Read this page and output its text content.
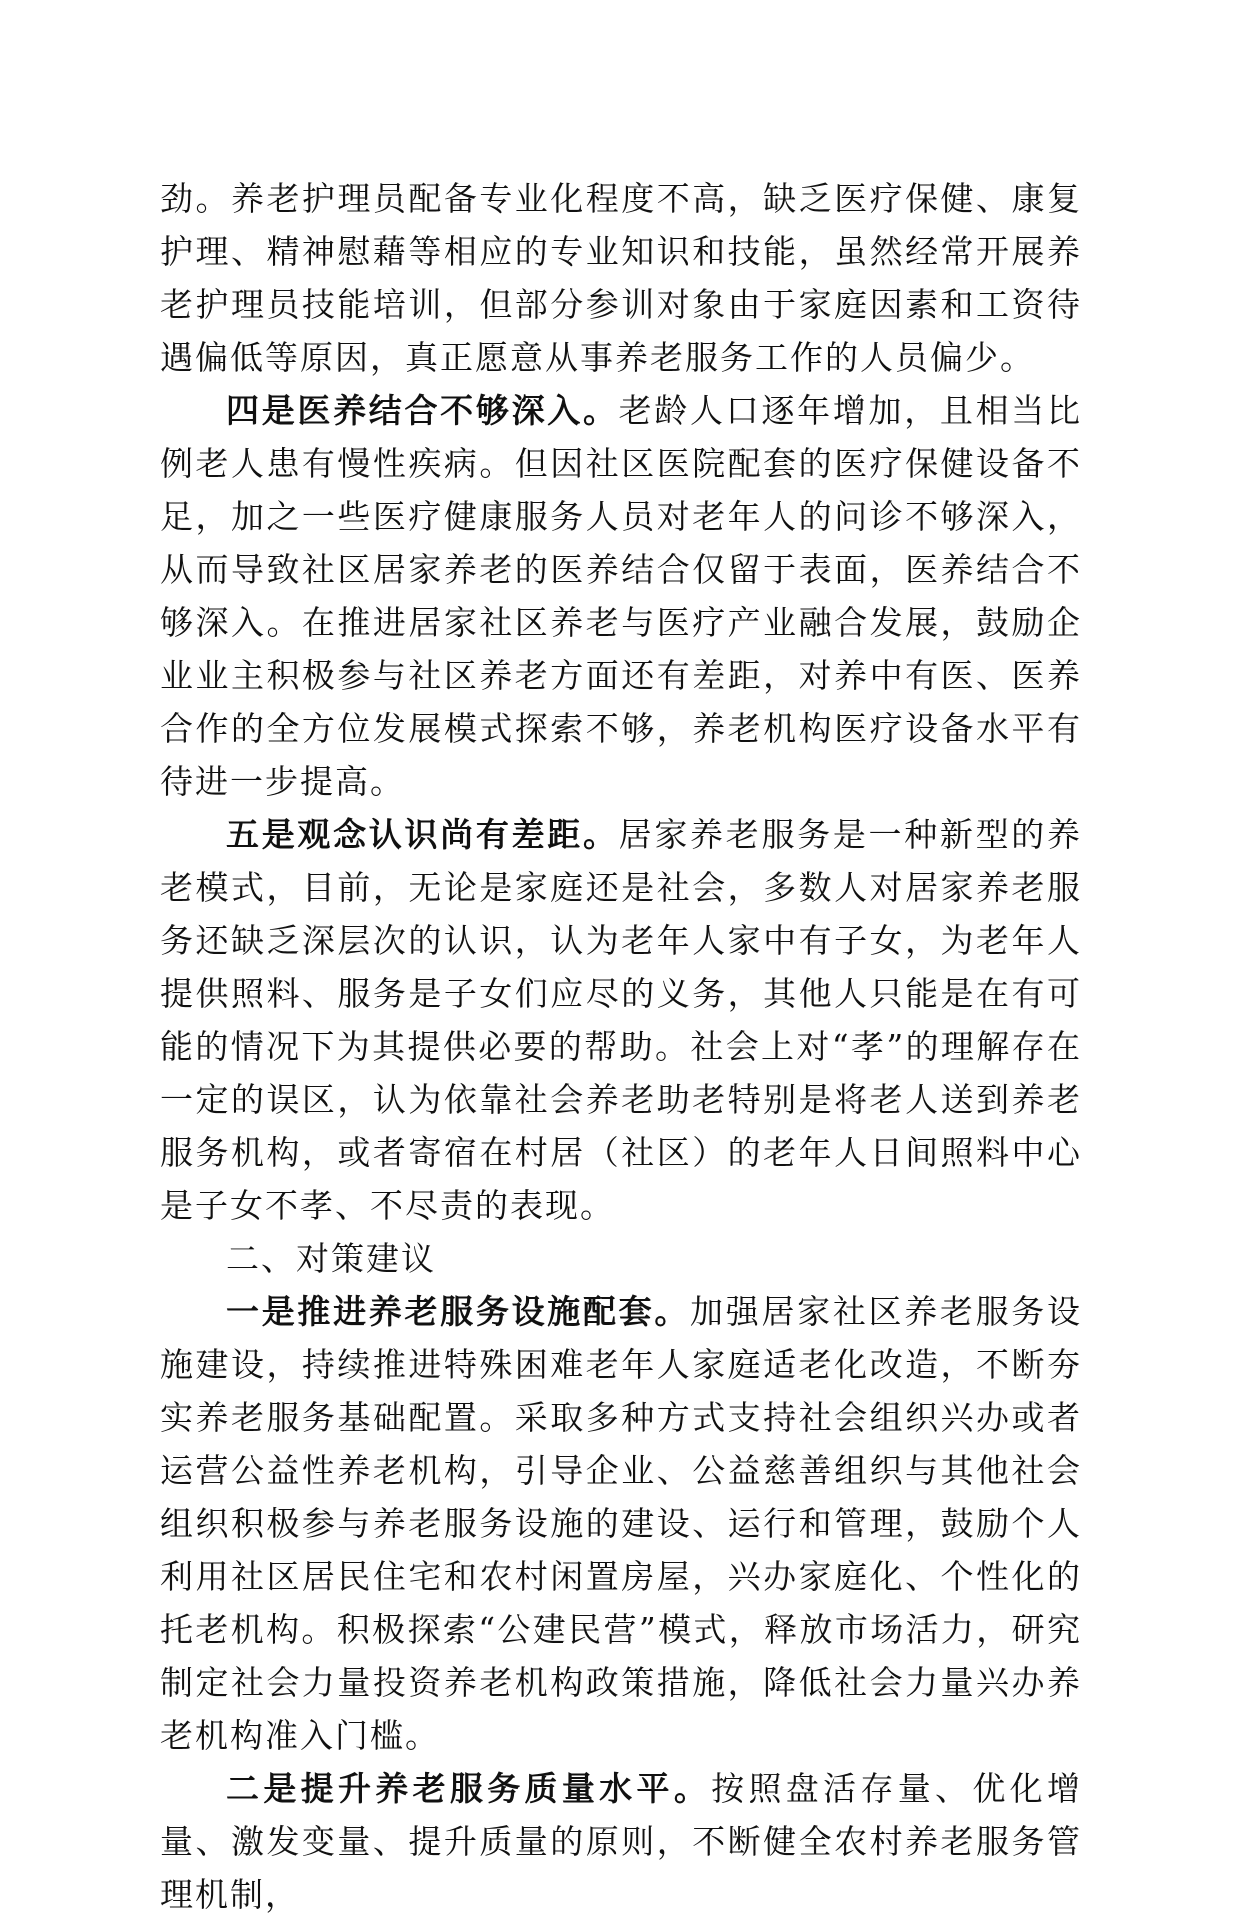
劲。养老护理员配备专业化程度不高，缺乏医疗保健、康复护理、精神慰藉等相应的专业知识和技能，虽然经常开展养老护理员技能培训，但部分参训对象由于家庭因素和工资待遇偏低等原因，真正愿意从事养老服务工作的人员偏少。

四是医养结合不够深入。老龄人口逐年增加，且相当比例老人患有慢性疾病。但因社区医院配套的医疗保健设备不足，加之一些医疗健康服务人员对老年人的问诊不够深入，从而导致社区居家养老的医养结合仅留于表面，医养结合不够深入。在推进居家社区养老与医疗产业融合发展，鼓励企业业主积极参与社区养老方面还有差距，对养中有医、医养合作的全方位发展模式探索不够，养老机构医疗设备水平有待进一步提高。

五是观念认识尚有差距。居家养老服务是一种新型的养老模式，目前，无论是家庭还是社会，多数人对居家养老服务还缺乏深层次的认识，认为老年人家中有子女，为老年人提供照料、服务是子女们应尽的义务，其他人只能是在有可能的情况下为其提供必要的帮助。社会上对“孝”的理解存在一定的误区，认为依靠社会养老助老特别是将老人送到养老服务机构，或者寄宿在村居（社区）的老年人日间照料中心是子女不孝、不尽责的表现。

二、对策建议

一是推进养老服务设施配套。加强居家社区养老服务设施建设，持续推进特殊困难老年人家庭适老化改造，不断夯实养老服务基础配置。采取多种方式支持社会组织兴办或者运营公益性养老机构，引导企业、公益慈善组织与其他社会组织积极参与养老服务设施的建设、运行和管理，鼓励个人利用社区居民住宅和农村闲置房屋，兴办家庭化、个性化的托老机构。积极探索“公建民营”模式，释放市场活力，研究制定社会力量投资养老机构政策措施，降低社会力量兴办养老机构准入门槛。

二是提升养老服务质量水平。按照盘活存量、优化增量、激发变量、提升质量的原则，不断健全农村养老服务管理机制，
